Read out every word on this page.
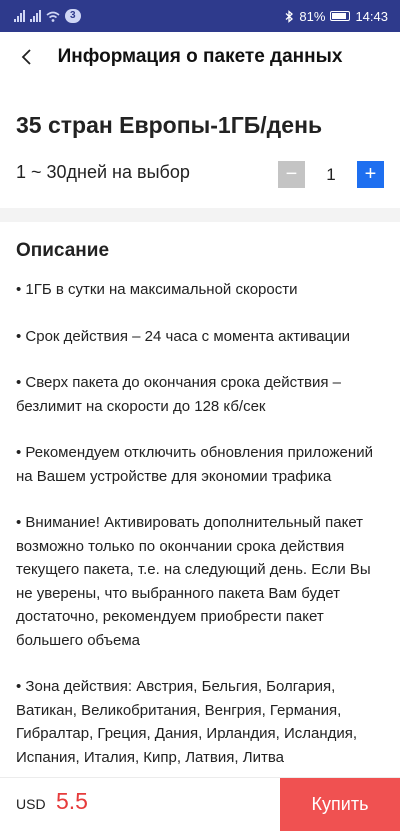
3	81% 14:43
Информация о пакете данных
35 стран Европы-1ГБ/день
1 ~ 30дней на выбор	−	1	+
Описание
• 1ГБ в сутки на максимальной скорости
• Срок действия – 24 часа с момента активации
• Сверх пакета до окончания срока действия – безлимит на скорости до 128 кб/сек
• Рекомендуем отключить обновления приложений на Вашем устройстве для экономии трафика
• Внимание! Активировать дополнительный пакет возможно только по окончании срока действия текущего пакета, т.е. на следующий день. Если Вы не уверены, что выбранного пакета Вам будет достаточно, рекомендуем приобрести пакет большего объема
• Зона действия: Австрия, Бельгия, Болгария, Ватикан, Великобритания, Венгрия, Германия, Гибралтар, Греция, Дания, Ирландия, Исландия, Испания, Италия, Кипр, Латвия, Литва
USD 5.5	Купить
